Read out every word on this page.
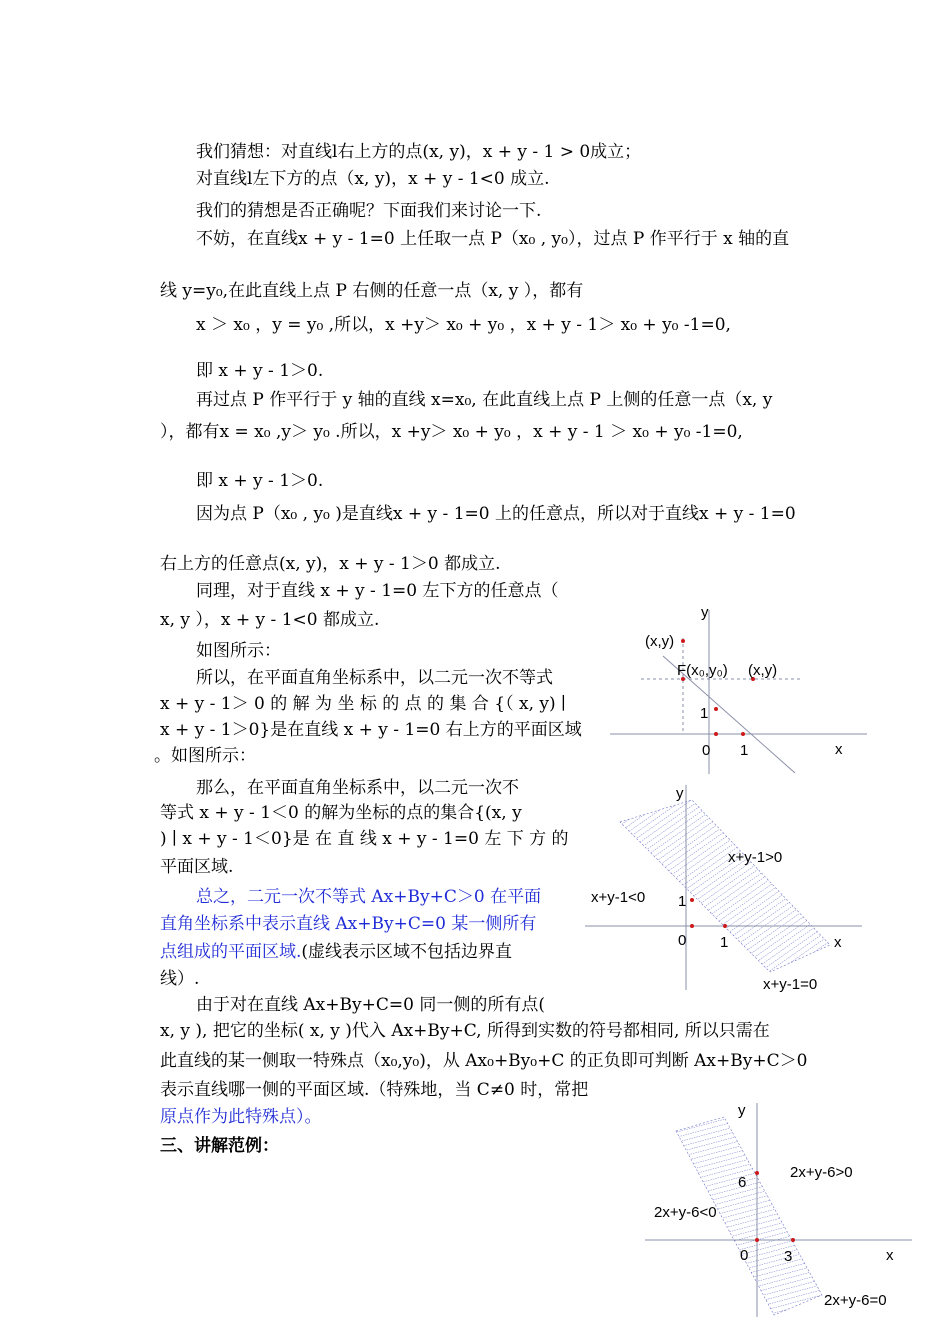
我们猜想：对直线l右上方的点(x, y)，x + y - 1 > 0成立；
对直线l左下方的点（x, y)，x + y - 1<0 成立.
我们的猜想是否正确呢？下面我们来讨论一下.
不妨，在直线x + y - 1=0 上任取一点 P（x₀ , y₀），过点 P 作平行于 x 轴的直
线 y=y₀,在此直线上点 P 右侧的任意一点（x, y ），都有
x ＞ x₀ ，y = y₀ ,所以，x +y＞ x₀ + y₀ ，x + y - 1＞ x₀ + y₀ -1=0,
即 x + y - 1＞0.
再过点 P 作平行于 y 轴的直线 x=x₀, 在此直线上点 P 上侧的任意一点（x, y
），都有x = x₀ ,y＞ y₀ .所以，x +y＞ x₀ + y₀ ，x + y - 1 ＞ x₀ + y₀ -1=0,
即 x + y - 1＞0.
因为点 P（x₀ , y₀ )是直线x + y - 1=0 上的任意点，所以对于直线x + y - 1=0
右上方的任意点(x, y)，x + y - 1＞0 都成立.
同理，对于直线 x + y - 1=0 左下方的任意点（
x, y ），x + y - 1<0 都成立.
如图所示：
所以，在平面直角坐标系中，以二元一次不等式
x + y - 1＞ 0 的 解 为 坐 标 的 点 的 集 合 {（ x, y) ∣
x + y - 1＞0}是在直线 x + y - 1=0 右上方的平面区域
。如图所示：
那么，在平面直角坐标系中，以二元一次不
等式 x + y - 1＜0 的解为坐标的点的集合{(x, y
) ∣ x + y - 1＜0}是 在 直 线 x + y - 1=0 左 下 方 的
平面区域.
总之，二元一次不等式 Ax+By+C＞0 在平面
直角坐标系中表示直线 Ax+By+C=0 某一侧所有
点组成的平面区域.(虚线表示区域不包括边界直
线）.
由于对在直线 Ax+By+C=0 同一侧的所有点(
x, y ), 把它的坐标( x, y )代入 Ax+By+C, 所得到实数的符号都相同, 所以只需在
此直线的某一侧取一特殊点（x₀,y₀)，从 Ax₀+By₀+C 的正负即可判断 Ax+By+C＞0
表示直线哪一侧的平面区域.（特殊地，当 C≠0 时，常把
原点作为此特殊点）。
三、讲解范例：
y
x
(x,y)
F(x₀,y₀) (x,y)
1
0 1
y
x
x+y-1>0
x+y-1<0 1
0 1
x+y-1=0
y
x
2x+y-6>0
2x+y-6<0
6
0 3
2x+y-6=0
